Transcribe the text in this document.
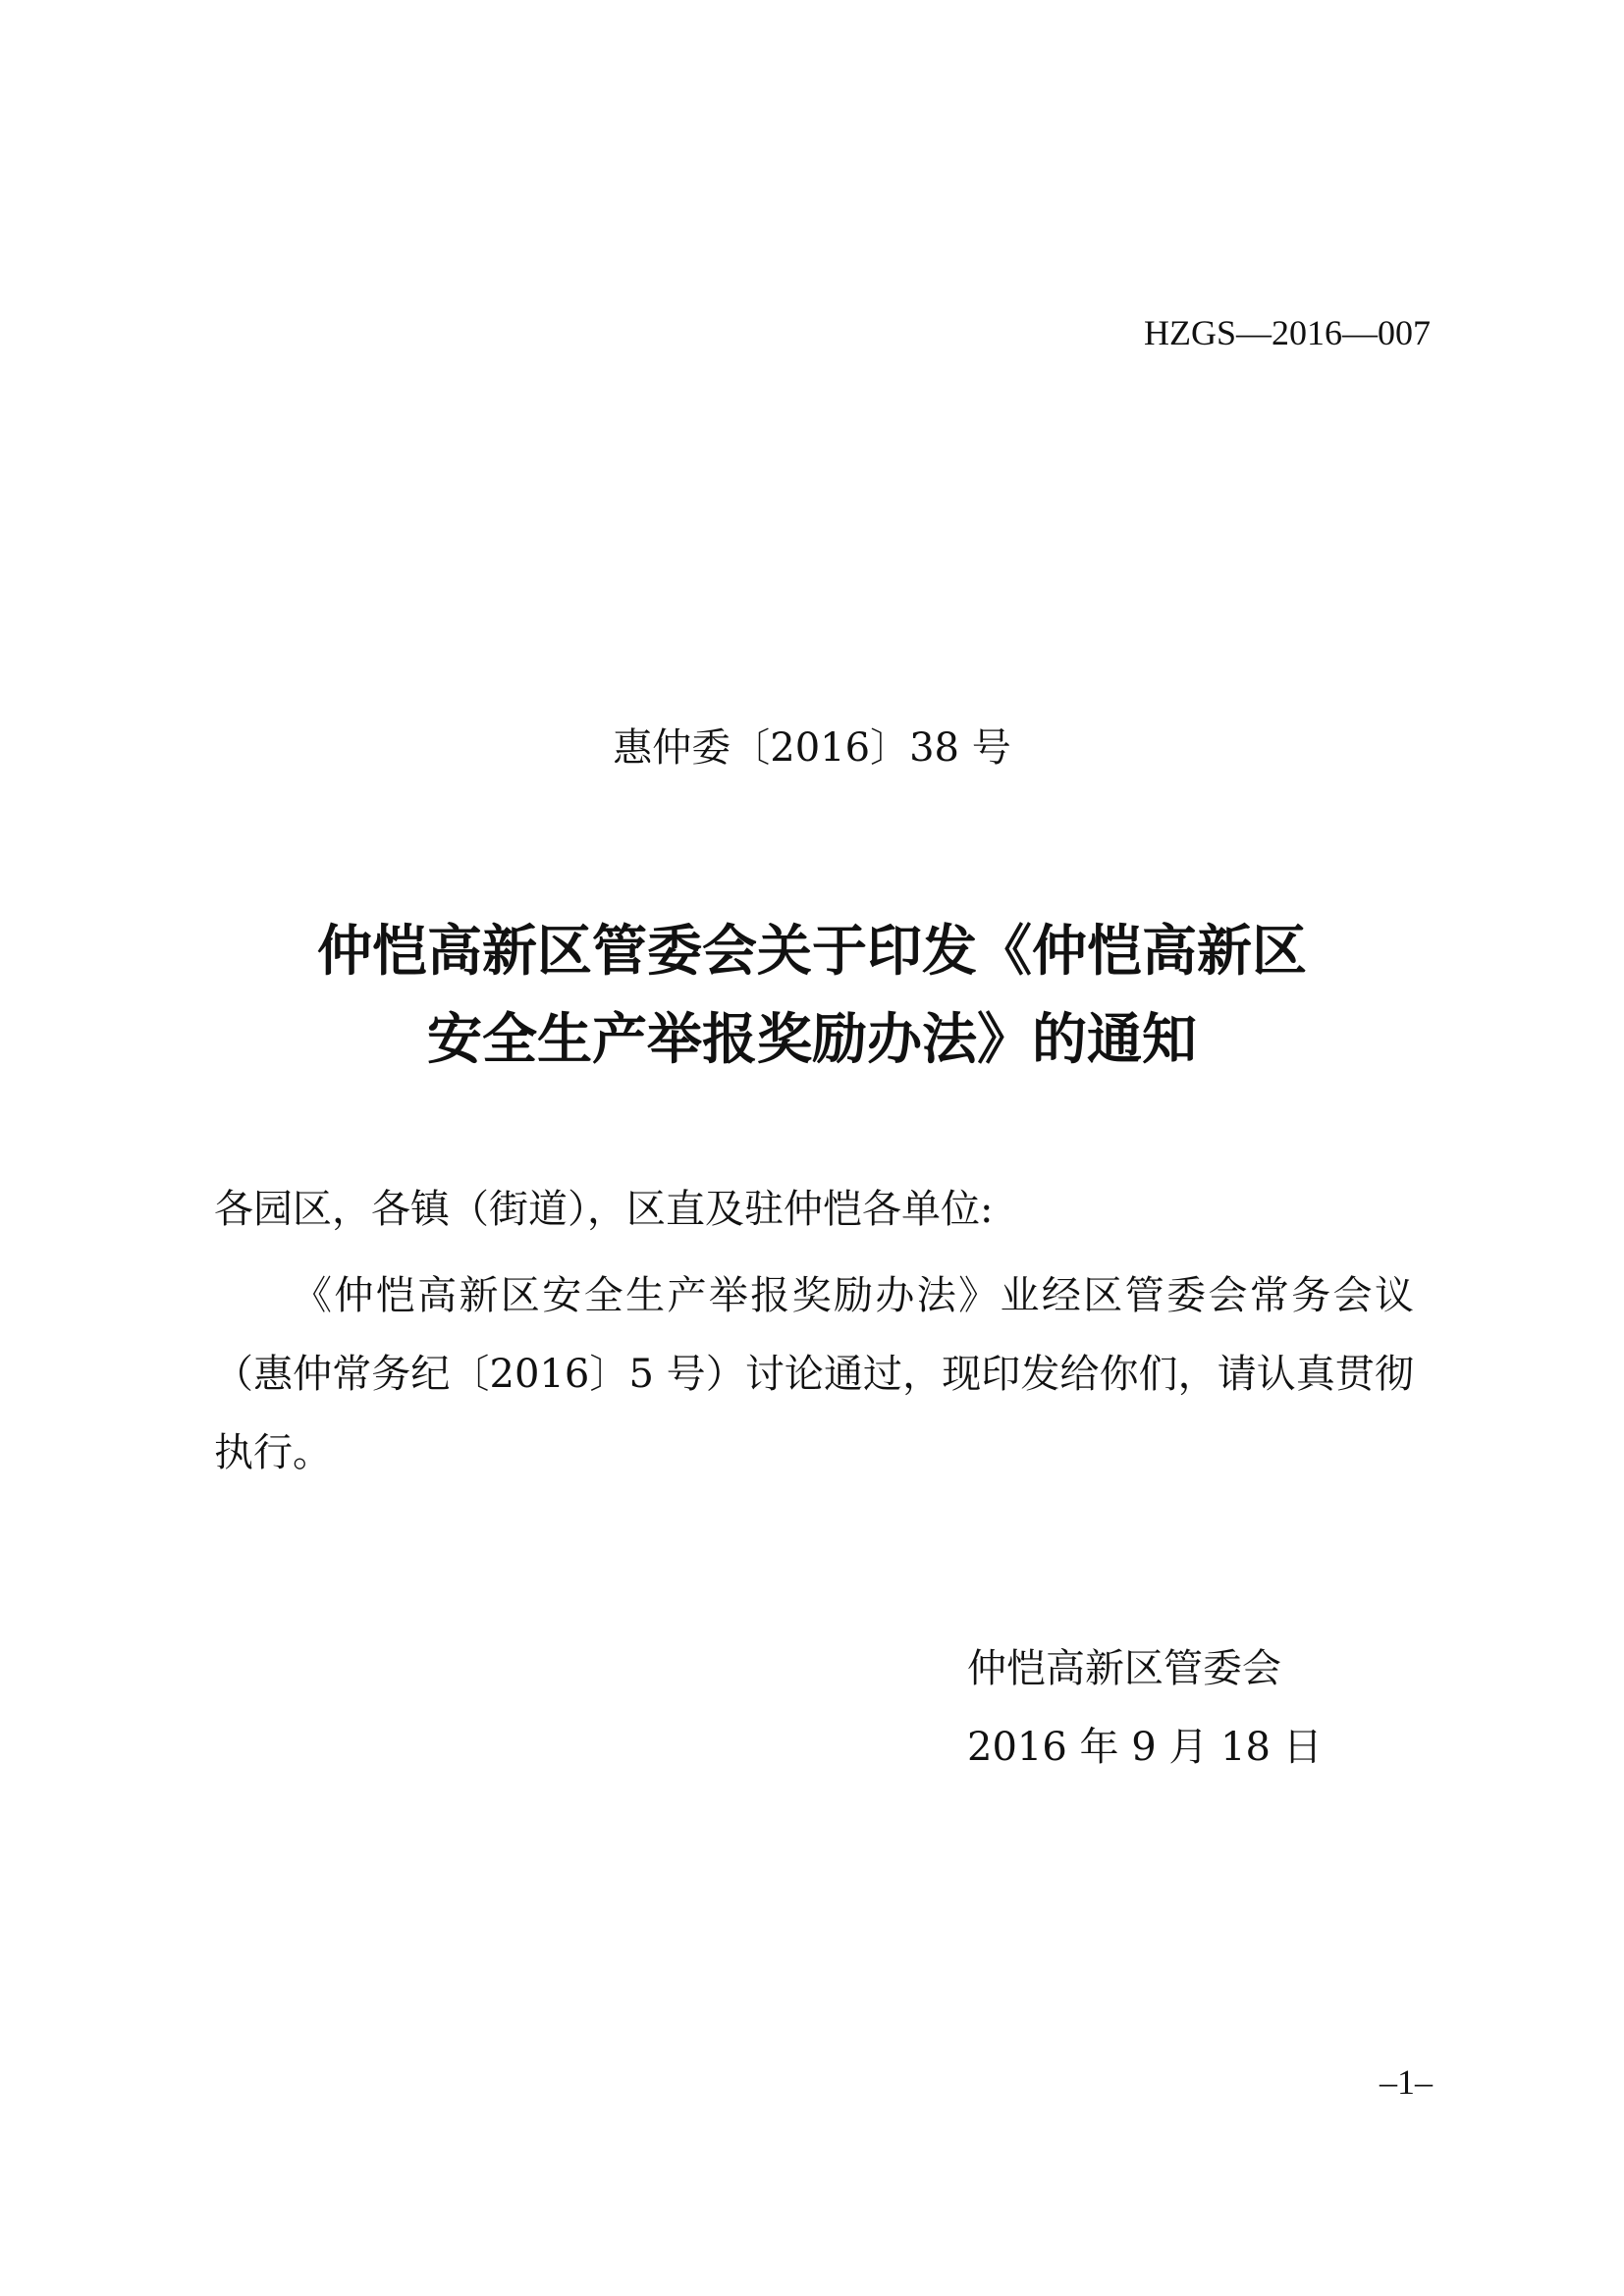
HZGS—2016—007
惠仲委〔2016〕38 号
仲恺高新区管委会关于印发《仲恺高新区
安全生产举报奖励办法》的通知
各园区，各镇（街道），区直及驻仲恺各单位:
《仲恺高新区安全生产举报奖励办法》业经区管委会常务会议（惠仲常务纪〔2016〕5 号）讨论通过，现印发给你们，请认真贯彻执行。
仲恺高新区管委会
2016 年 9 月 18 日
–1–
